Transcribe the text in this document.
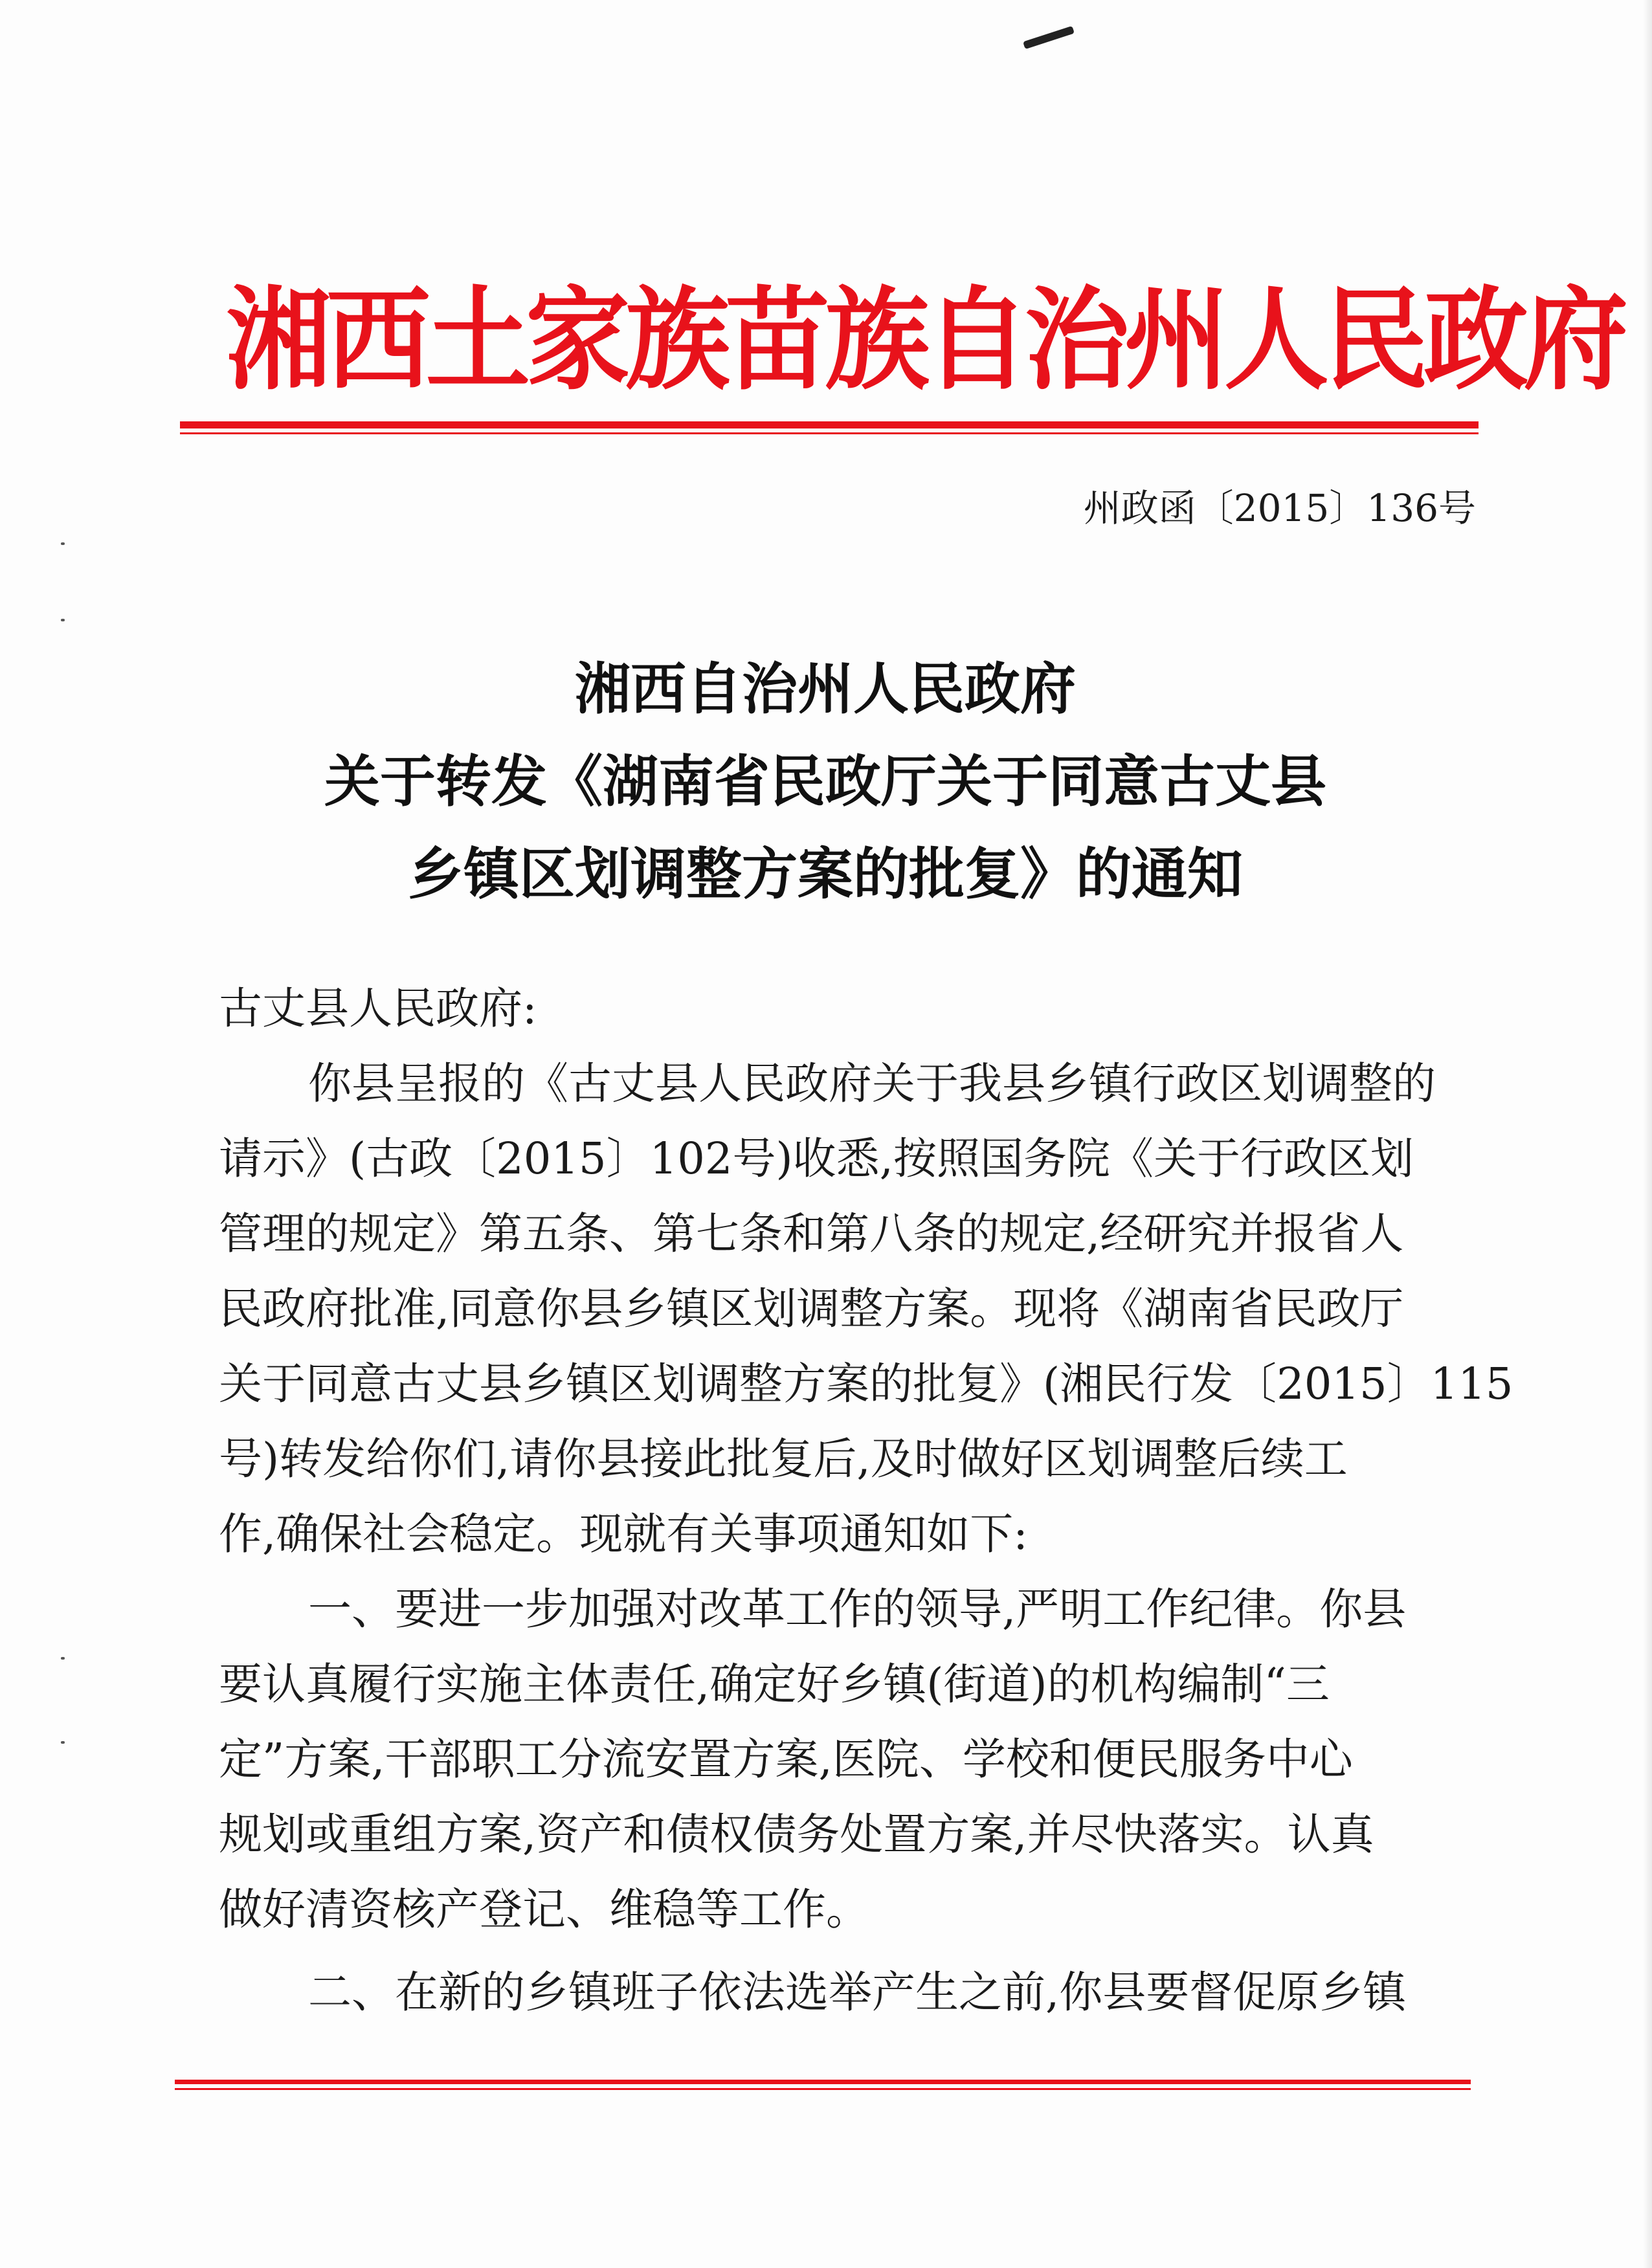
湘西土家族苗族自治州人民政府
州政函〔2015〕136号
湘西自治州人民政府
关于转发《湖南省民政厅关于同意古丈县
乡镇区划调整方案的批复》的通知
古丈县人民政府:
你县呈报的《古丈县人民政府关于我县乡镇行政区划调整的
请示》(古政〔2015〕102号)收悉,按照国务院《关于行政区划
管理的规定》第五条、第七条和第八条的规定,经研究并报省人
民政府批准,同意你县乡镇区划调整方案。现将《湖南省民政厅
关于同意古丈县乡镇区划调整方案的批复》(湘民行发〔2015〕115
号)转发给你们,请你县接此批复后,及时做好区划调整后续工
作,确保社会稳定。现就有关事项通知如下:
一、要进一步加强对改革工作的领导,严明工作纪律。你县
要认真履行实施主体责任,确定好乡镇(街道)的机构编制“三
定”方案,干部职工分流安置方案,医院、学校和便民服务中心
规划或重组方案,资产和债权债务处置方案,并尽快落实。认真
做好清资核产登记、维稳等工作。
二、在新的乡镇班子依法选举产生之前,你县要督促原乡镇
